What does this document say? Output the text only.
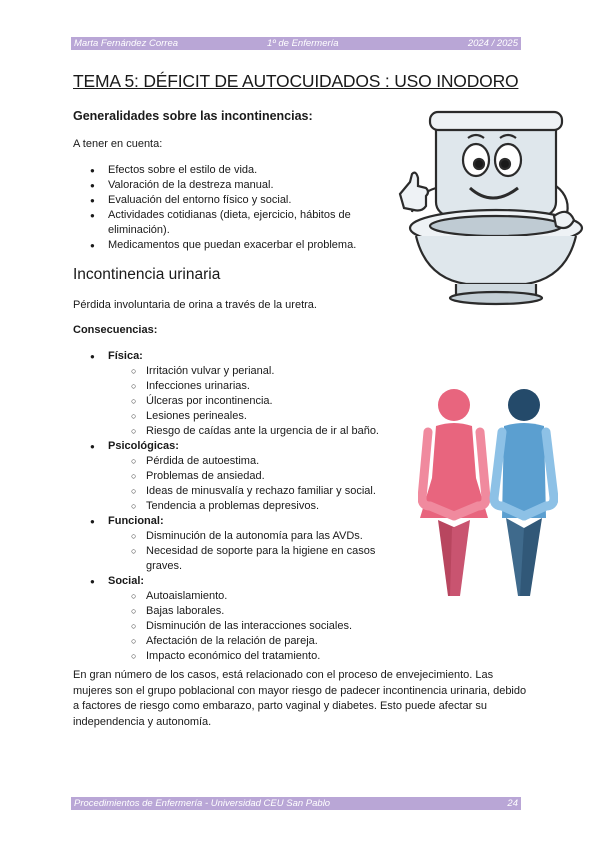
Marta Fernández Correa	1º de Enfermería	2024 / 2025
TEMA 5: DÉFICIT DE AUTOCUIDADOS : USO INODORO
Generalidades sobre las incontinencias:

A tener en cuenta:

● Efectos sobre el estilo de vida.
● Valoración de la destreza manual.
● Evaluación del entorno físico y social.
● Actividades cotidianas (dieta, ejercicio, hábitos de eliminación).
● Medicamentos que puedan exacerbar el problema.
Incontinencia urinaria

Pérdida involuntaria de orina a través de la uretra.

Consecuencias:
● Física:
○ Irritación vulvar y perianal.
○ Infecciones urinarias.
○ Úlceras por incontinencia.
○ Lesiones perineales.
○ Riesgo de caídas ante la urgencia de ir al baño.
● Psicológicas:
○ Pérdida de autoestima.
○ Problemas de ansiedad.
○ Ideas de minusvalía y rechazo familiar y social.
○ Tendencia a problemas depresivos.
● Funcional:
○ Disminución de la autonomía para las AVDs.
○ Necesidad de soporte para la higiene en casos graves.
● Social:
○ Autoaislamiento.
○ Bajas laborales.
○ Disminución de las interacciones sociales.
○ Afectación de la relación de pareja.
○ Impacto económico del tratamiento.

En gran número de los casos, está relacionado con el proceso de envejecimiento. Las mujeres son el grupo poblacional con mayor riesgo de padecer incontinencia urinaria, debido a factores de riesgo como embarazo, parto vaginal y diabetes. Esto puede afectar su independencia y autonomía.

Procedimientos de Enfermería - Universidad CEU San Pablo	24
